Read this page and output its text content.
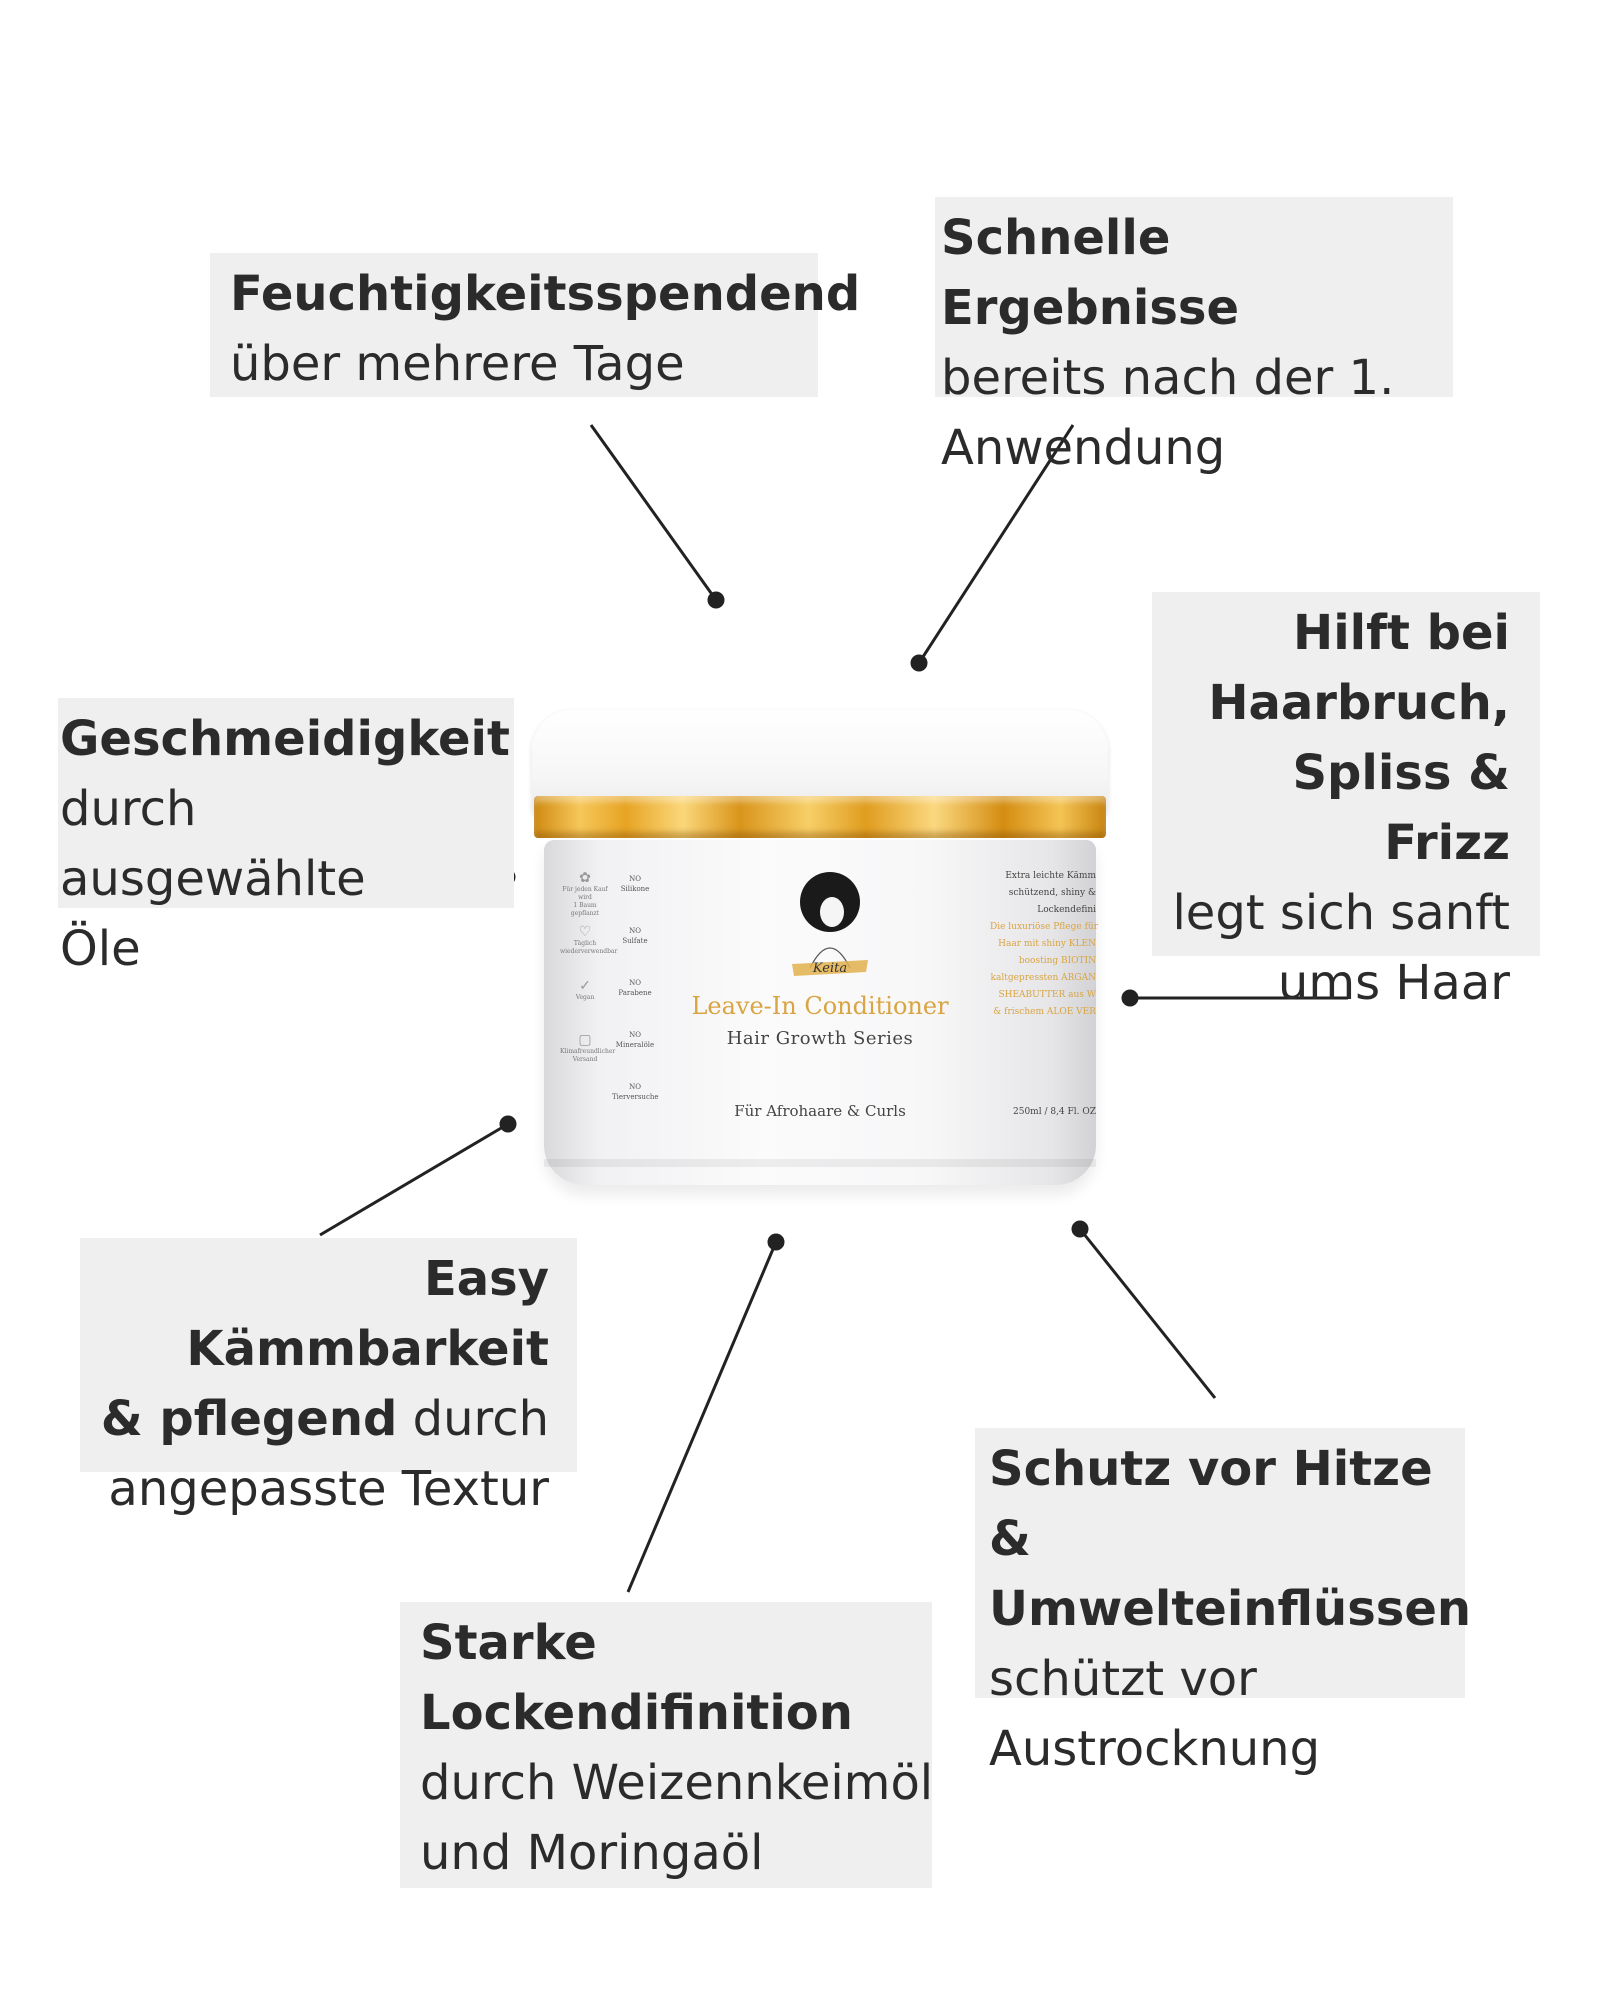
Feuchtigkeitsspendend
über mehrere Tage
Schnelle Ergebnisse
bereits nach der 1.
Anwendung
Geschmeidigkeit
durch ausgewählte
Öle
Hilft bei
Haarbruch,
Spliss & Frizz
legt sich sanft
ums Haar
Easy Kämmbarkeit
& pflegend durch
angepasste Textur
Starke
Lockendifinition
durch Weizennkeimöl
und Moringaöl
Schutz vor Hitze &
Umwelteinflüssen
schützt vor
Austrocknung
✿
Für jeden Kauf wird
1 Baum gepflanzt
♡
Täglich
wiederverwendbar
✓
Vegan
▢
Klimafreundlicher
Versand
NO
Silikone
NO
Sulfate
NO
Parabene
NO
Mineralöle
NO
Tierversuche
Keita
Leave-In Conditioner
Hair Growth Series
Für Afrohaare & Curls
Extra leichte Kämm
schützend, shiny &
Lockendefini
Die luxuriöse Pflege für
Haar mit shiny KLEN
boosting BIOTIN
kaltgepressten ARGAN
SHEABUTTER aus W
& frischem ALOE VER
250ml / 8,4 Fl. OZ
